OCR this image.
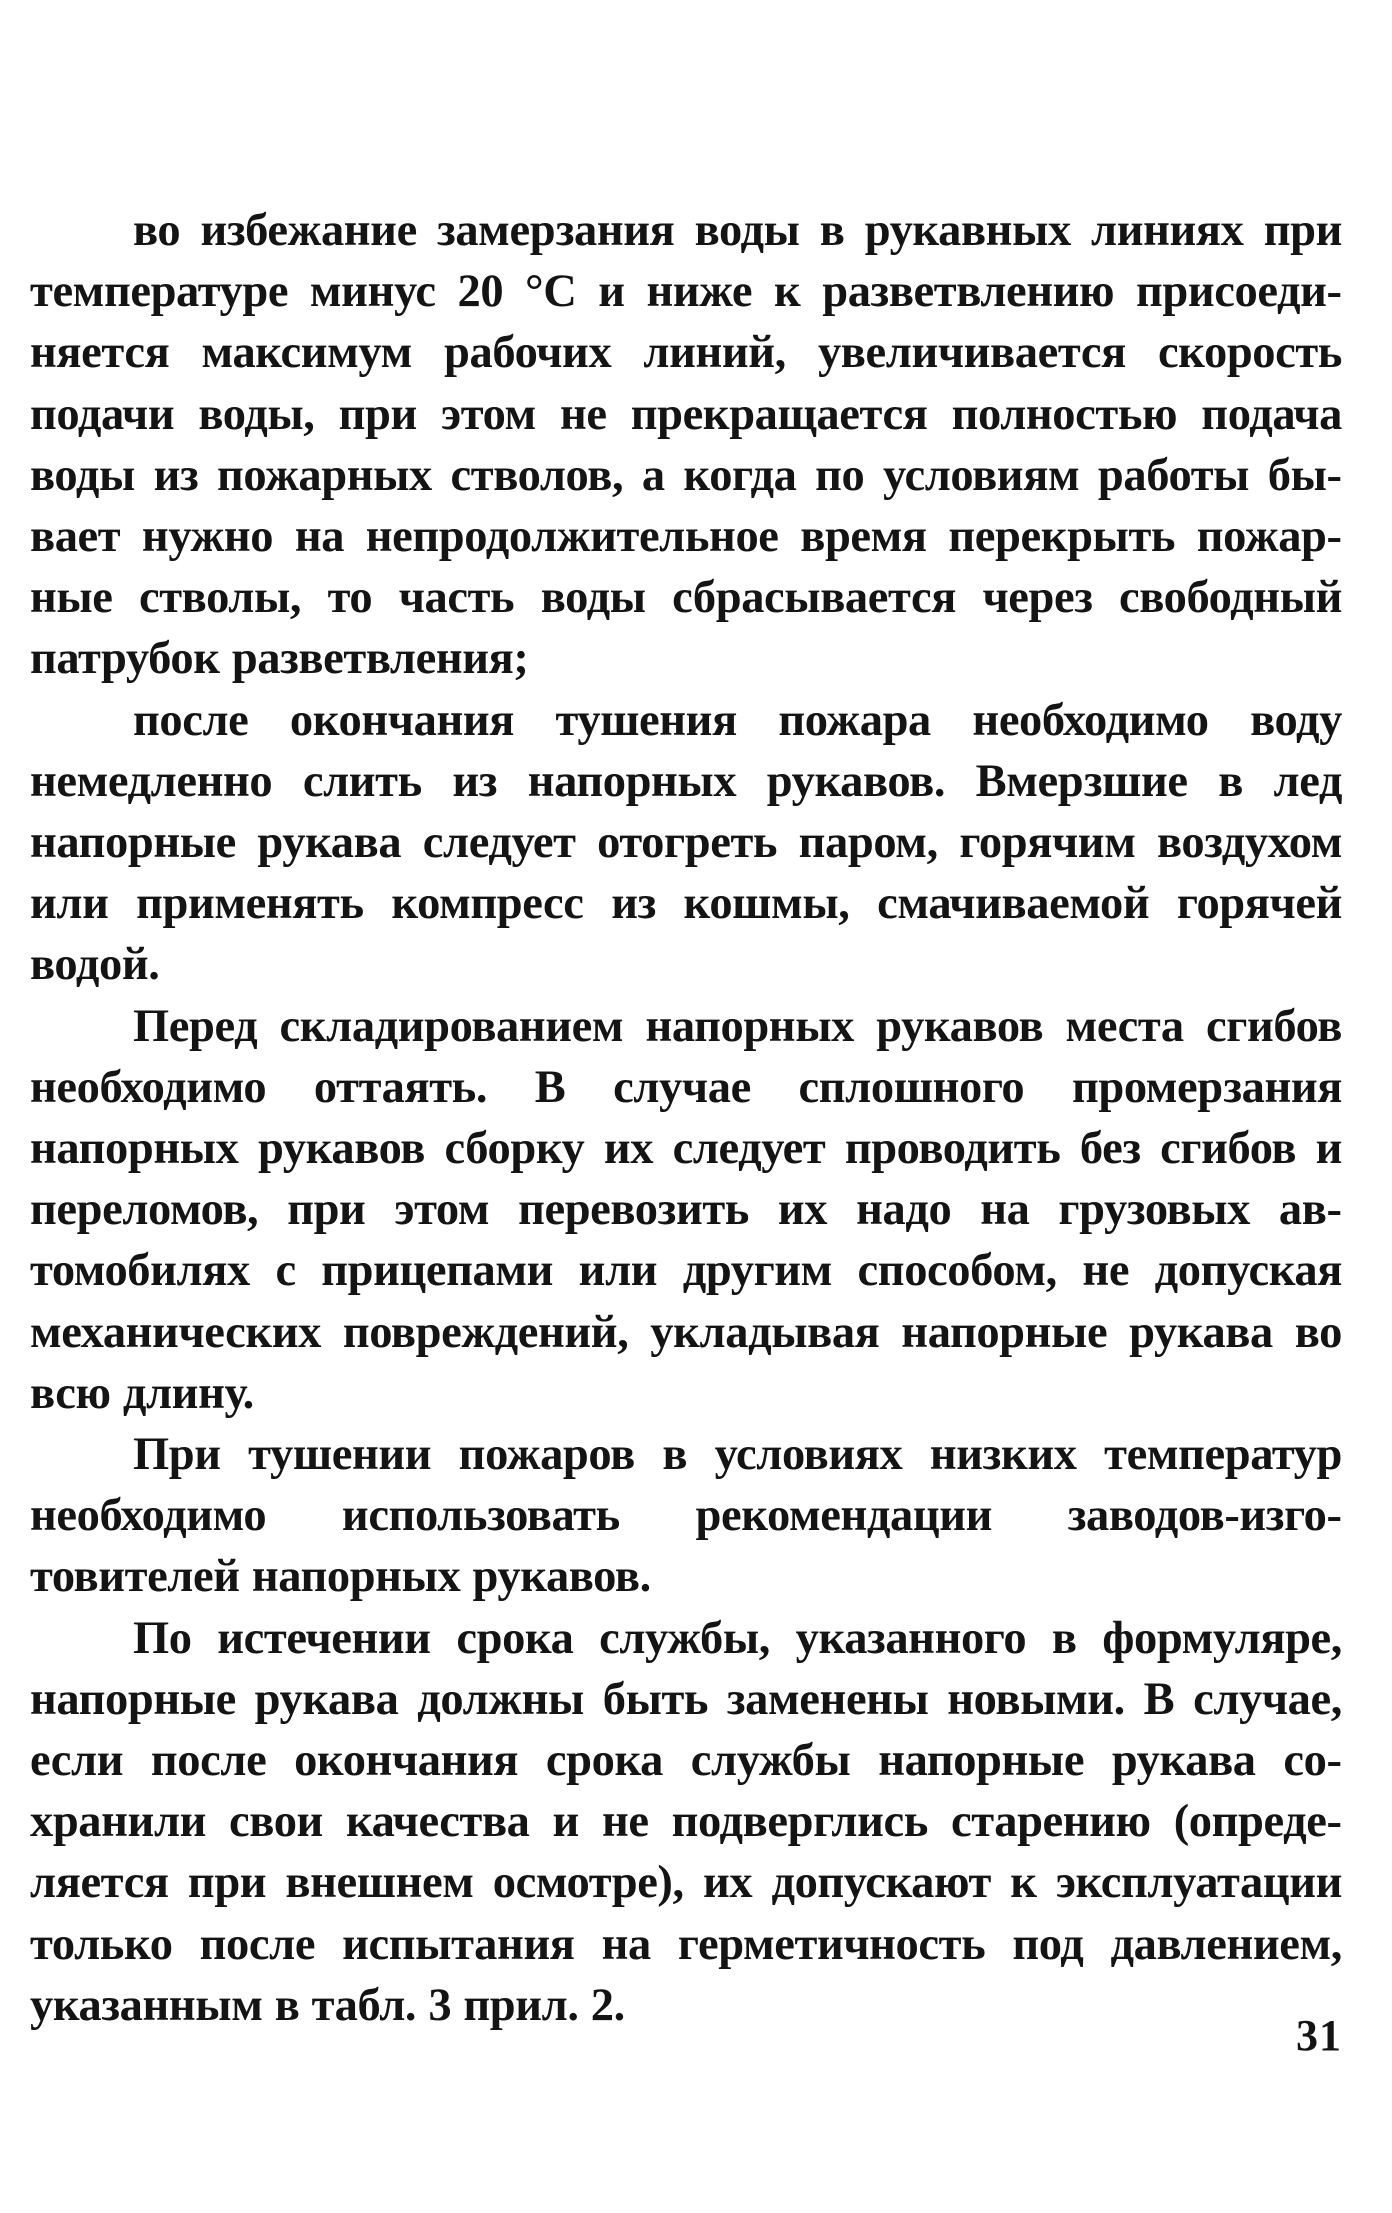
во избежание замерзания воды в рукавных линиях при температуре минус 20 °С и ниже к разветвлению присоединяется максимум рабочих линий, увеличивается скорость подачи воды, при этом не прекращается полностью подача воды из пожарных стволов, а когда по условиям работы бывает нужно на непродолжительное время перекрыть пожарные стволы, то часть воды сбрасывается через свободный патрубок разветвления;

после окончания тушения пожара необходимо воду немедленно слить из напорных рукавов. Вмерзшие в лед напорные рукава следует отогреть паром, горячим воздухом или применять компресс из кошмы, смачиваемой горячей водой.

Перед складированием напорных рукавов места сгибов необходимо оттаять. В случае сплошного промерзания напорных рукавов сборку их следует проводить без сгибов и переломов, при этом перевозить их надо на грузовых автомобилях с прицепами или другим способом, не допуская механических повреждений, укладывая напорные рукава во всю длину.

При тушении пожаров в условиях низких температур необходимо использовать рекомендации заводов-изготовителей напорных рукавов.

По истечении срока службы, указанного в формуляре, напорные рукава должны быть заменены новыми. В случае, если после окончания срока службы напорные рукава сохранили свои качества и не подверглись старению (определяется при внешнем осмотре), их допускают к эксплуатации только после испытания на герметичность под давлением, указанным в табл. 3 прил. 2.

31
